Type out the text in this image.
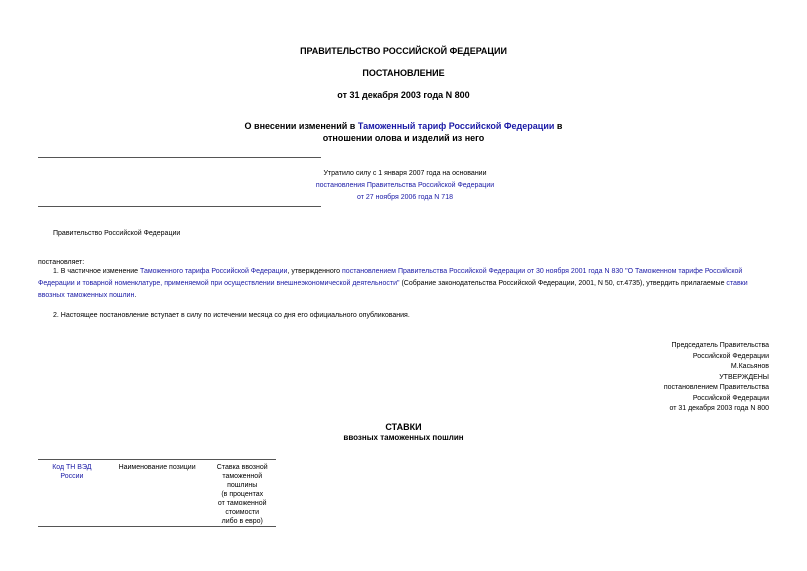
ПРАВИТЕЛЬСТВО РОССИЙСКОЙ ФЕДЕРАЦИИ
ПОСТАНОВЛЕНИЕ
от 31 декабря 2003 года N 800
О внесении изменений в Таможенный тариф Российской Федерации в
отношении олова и изделий из него
Утратило силу с 1 января 2007 года на основании
постановления Правительства Российской Федерации
от 27 ноября 2006 года N 718
Правительство Российской Федерации
постановляет:
1. В частичное изменение Таможенного тарифа Российской Федерации, утвержденного постановлением Правительства Российской Федерации от 30 ноября 2001 года N 830 "О Таможенном тарифе Российской Федерации и товарной номенклатуре, применяемой при осуществлении внешнеэкономической деятельности" (Собрание законодательства Российской Федерации, 2001, N 50, ст.4735), утвердить прилагаемые ставки ввозных таможенных пошлин.
2. Настоящее постановление вступает в силу по истечении месяца со дня его официального опубликования.
Председатель Правительства
Российской Федерации
М.Касьянов
УТВЕРЖДЕНЫ
постановлением Правительства
Российской Федерации
от 31 декабря 2003 года N 800
СТАВКИ
ввозных таможенных пошлин
Код ТН ВЭД
России	Наименование позиции	Ставка ввозной
таможенной
пошлины
(в процентах
от таможенной
стоимости
либо в евро)
